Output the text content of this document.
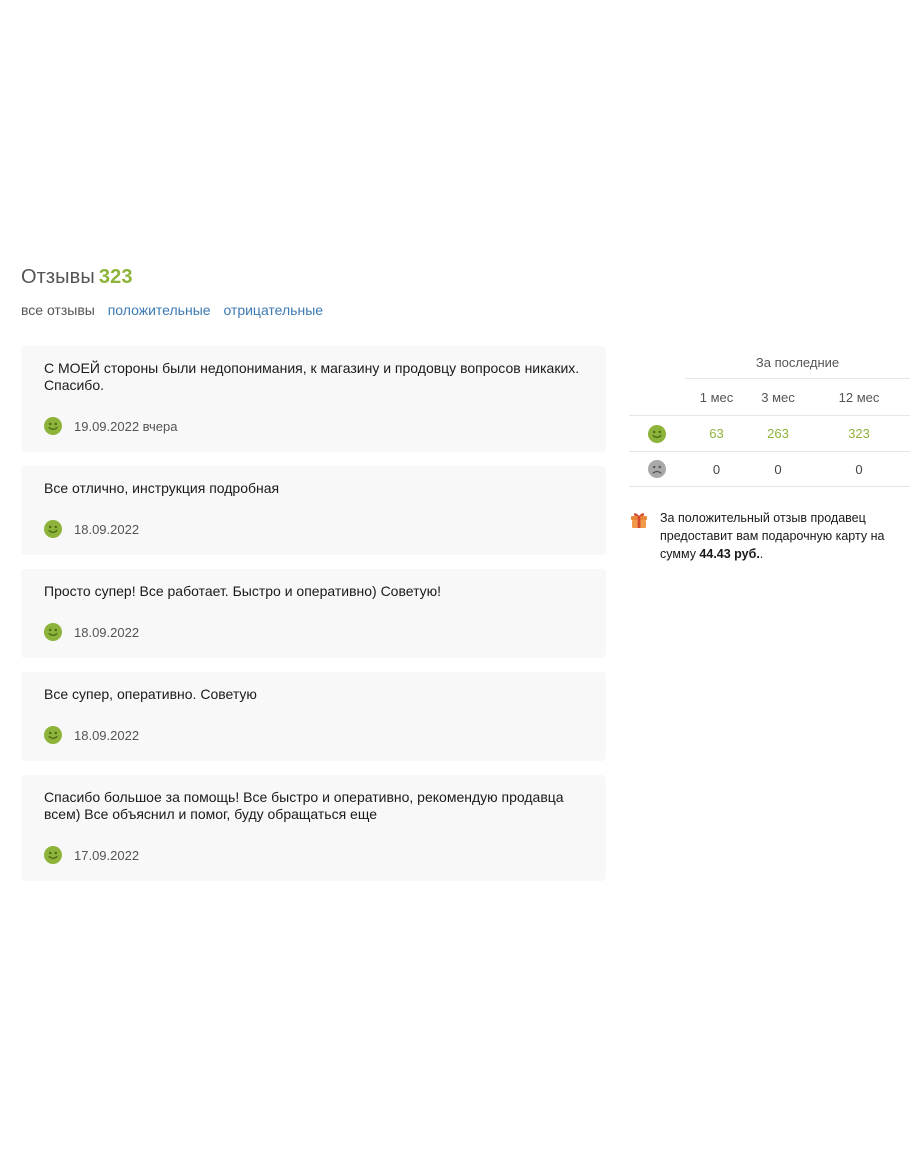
Отзывы 323
все отзывы положительные отрицательные
С МОЕЙ стороны были недопонимания, к магазину и продовцу вопросов никаких. Спасибо.
19.09.2022 вчера
Все отлично, инструкция подробная
18.09.2022
Просто супер! Все работает. Быстро и оперативно) Советую!
18.09.2022
Все супер, оперативно. Советую
18.09.2022
Спасибо большое за помощь! Все быстро и оперативно, рекомендую продавца всем) Все объяснил и помог, буду обращаться еще
17.09.2022
	За последние		
	1 мес	3 мес	12 мес
	63	263	323
	0	0	0
За положительный отзыв продавец предоставит вам подарочную карту на сумму 44.43 руб..
